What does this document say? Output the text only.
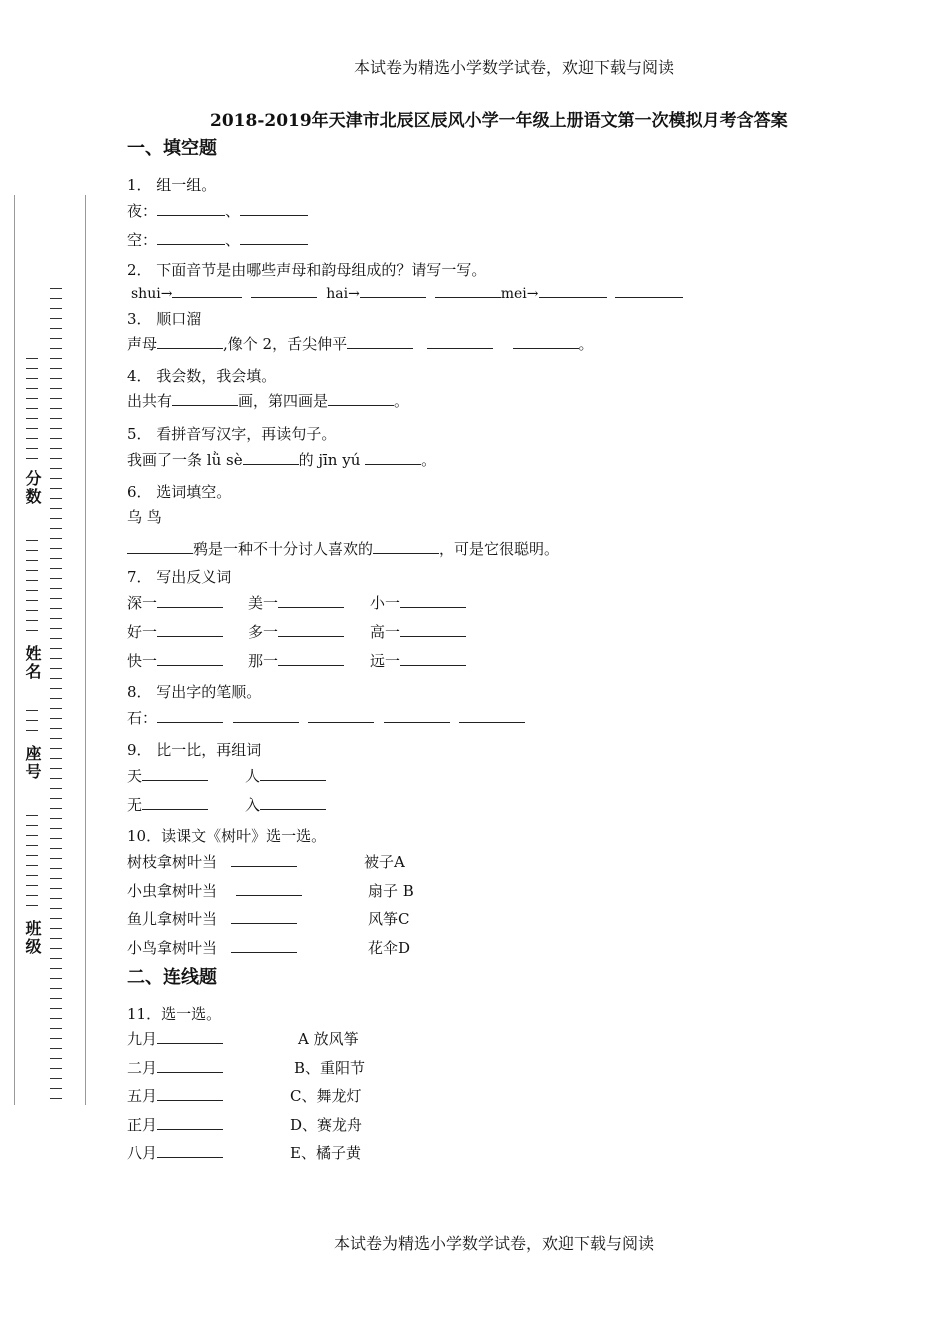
本试卷为精选小学数学试卷，欢迎下载与阅读
2018-2019年天津市北辰区辰风小学一年级上册语文第一次模拟月考含答案
分数
姓名
座号
班级
一、填空题
1． 组一组。
夜：	、
空：	、
2． 下面音节是由哪些声母和韵母组成的？请写一写。
shui→	hai→	mei→
3． 顺口溜
声母	,像个 2，舌尖伸平	。
4． 我会数，我会填。
出共有	画，第四画是	。
5． 看拼音写汉字，再读句子。
我画了一条 lǜ sè	的 jīn yú	。
6． 选词填空。
乌 鸟
鸦是一种不十分讨人喜欢的	，可是它很聪明。
7． 写出反义词
深一	美一	小一
好一	多一	高一
快一	那一	远一
8． 写出字的笔顺。
石：
9． 比一比，再组词
天	人
无	入
10．读课文《树叶》选一选。
树枝拿树叶当	被子A
小虫拿树叶当	扇子 B
鱼儿拿树叶当	风筝C
小鸟拿树叶当	花伞D
二、连线题
11．选一选。
九月	A 放风筝
二月	B、重阳节
五月	C、舞龙灯
正月	D、赛龙舟
八月	E、橘子黄
本试卷为精选小学数学试卷，欢迎下载与阅读
